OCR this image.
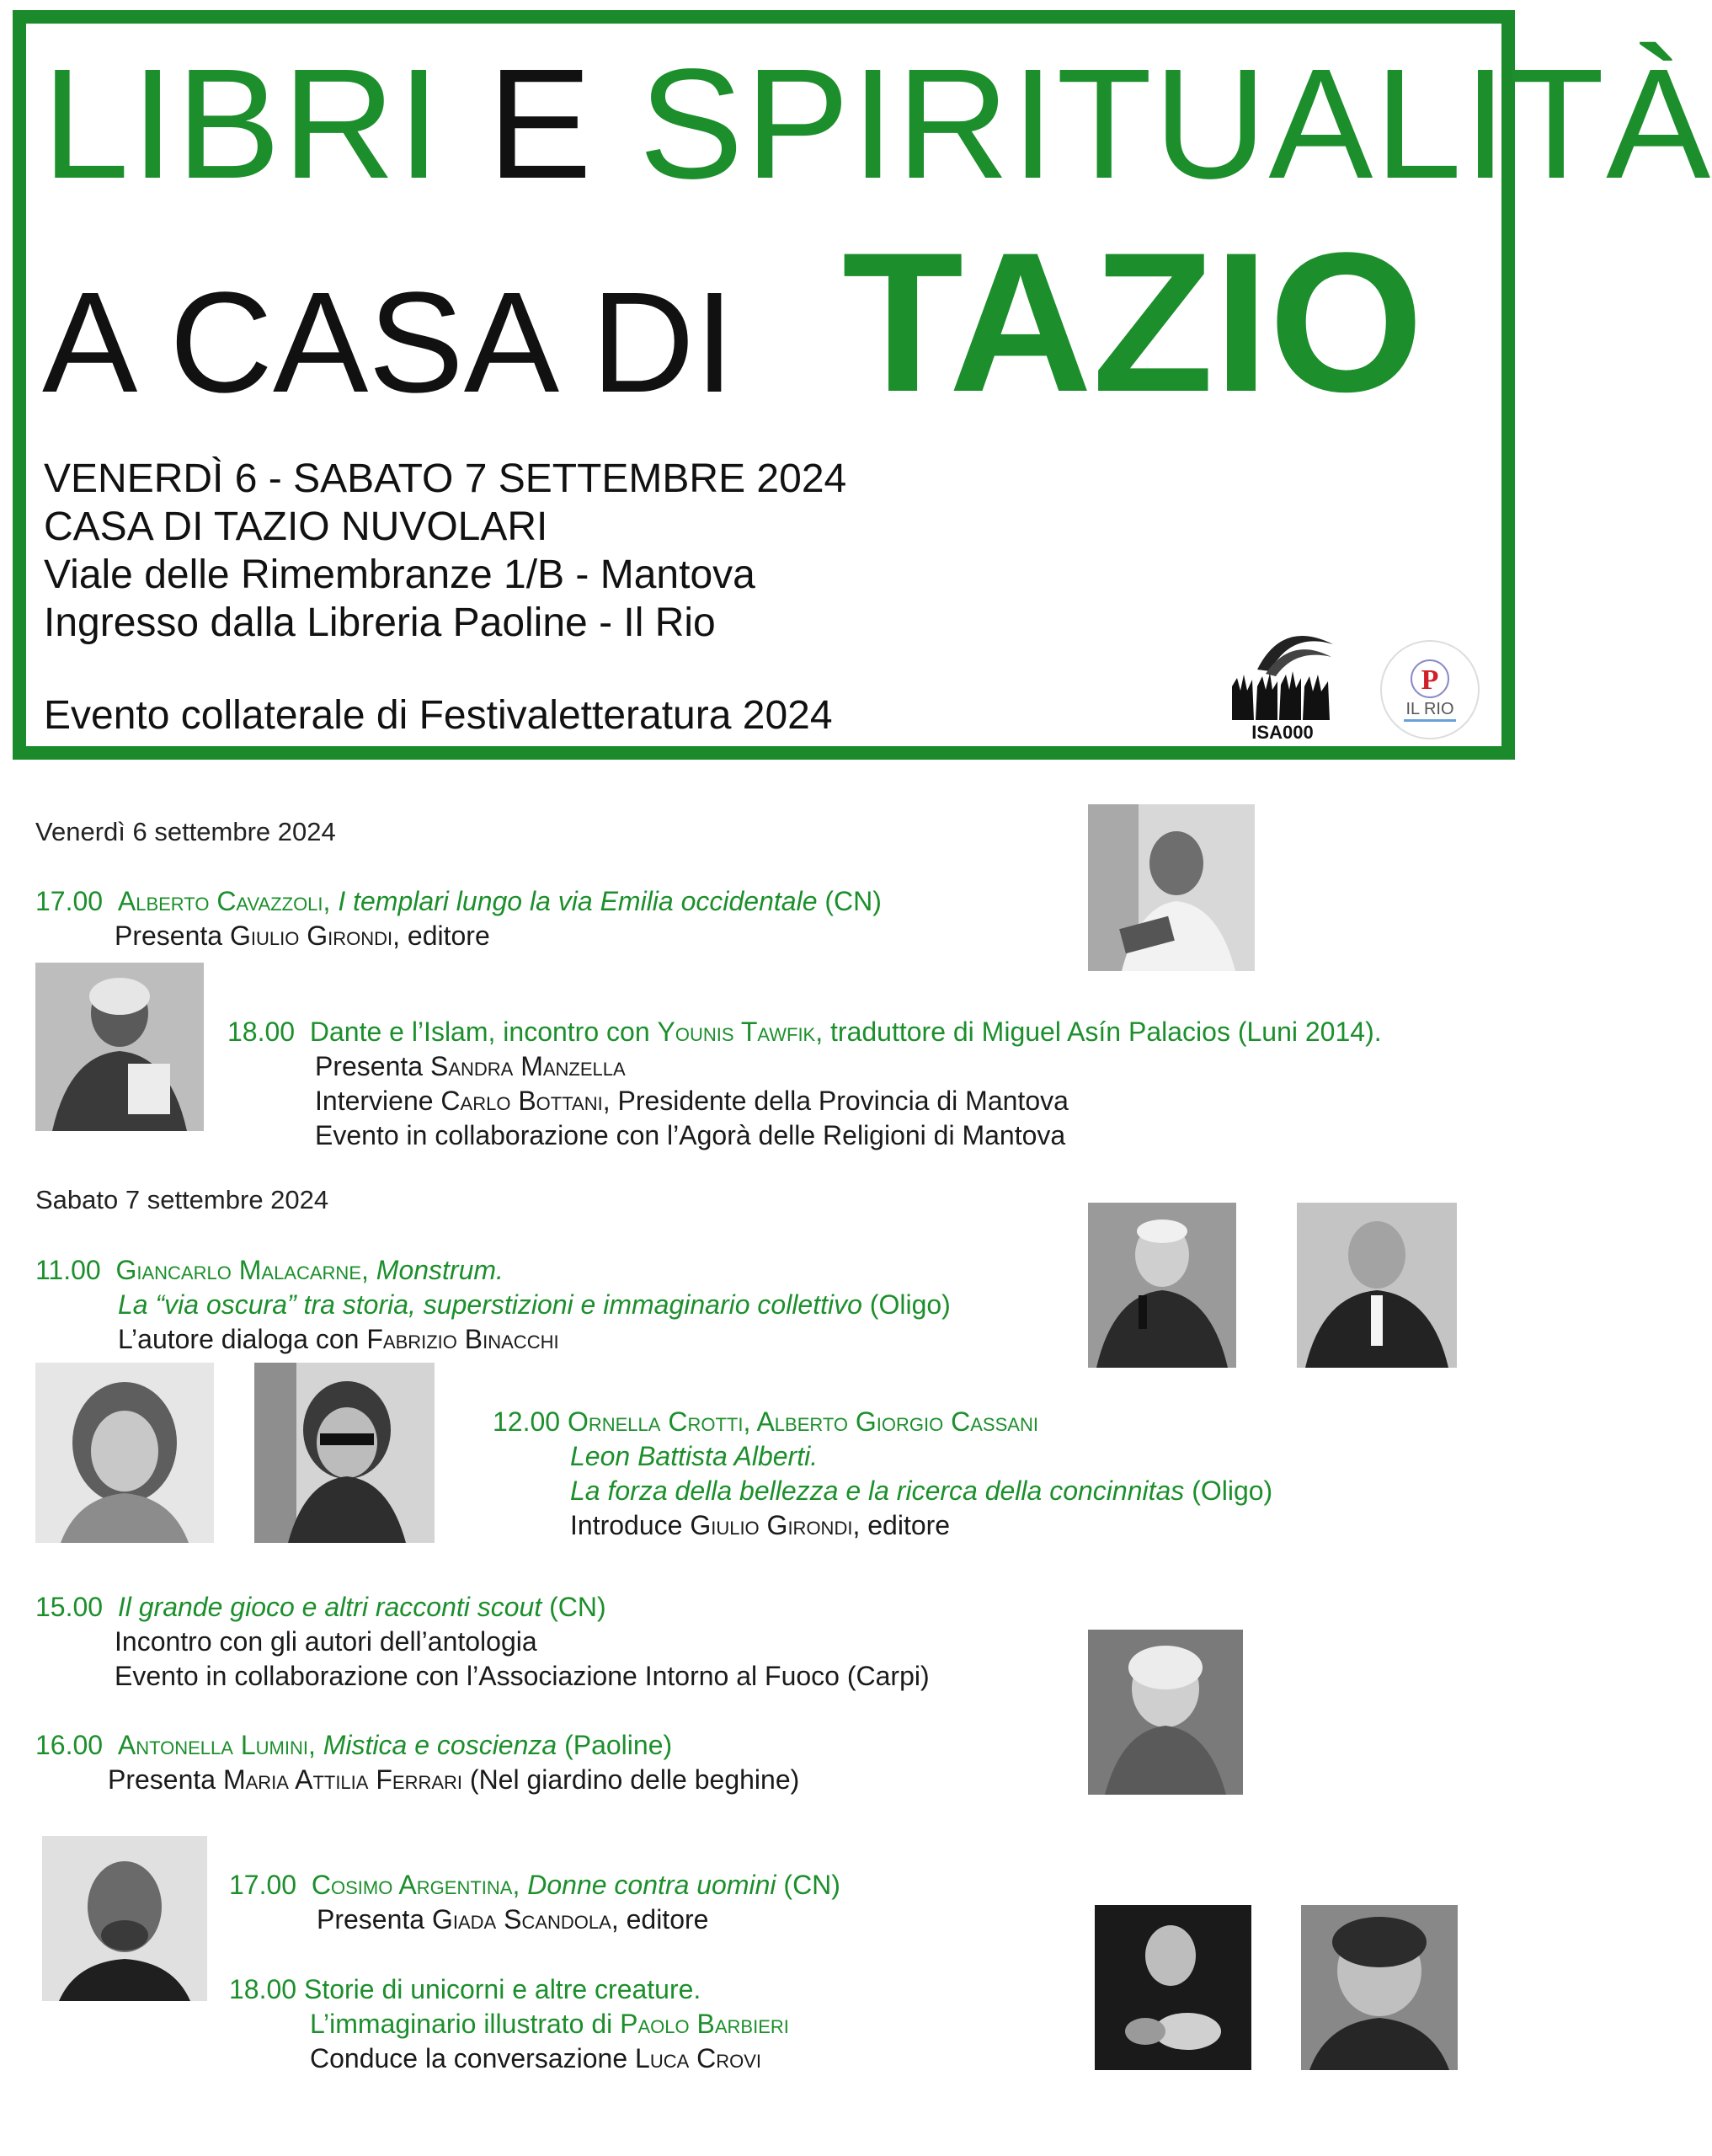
LIBRI E SPIRITUALITÀ
A CASA DI TAZIO
VENERDÌ 6 - SABATO 7 SETTEMBRE 2024
CASA DI TAZIO NUVOLARI
Viale delle Rimembranze 1/B - Mantova
Ingresso dalla Libreria Paoline - Il Rio
Evento collaterale di Festivaletteratura 2024	ISA000
P
IL RIO
Venerdì 6 settembre 2024
17.00 Alberto Cavazzoli, I templari lungo la via Emilia occidentale (CN)
Presenta Giulio Girondi, editore
18.00 Dante e l’Islam, incontro con Younis Tawfik, traduttore di Miguel Asín Palacios (Luni 2014).
Presenta Sandra Manzella
Interviene Carlo Bottani, Presidente della Provincia di Mantova
Evento in collaborazione con l’Agorà delle Religioni di Mantova
Sabato 7 settembre 2024
11.00 Giancarlo Malacarne, Monstrum.
La “via oscura” tra storia, superstizioni e immaginario collettivo (Oligo)
L’autore dialoga con Fabrizio Binacchi
12.00 Ornella Crotti, Alberto Giorgio Cassani
Leon Battista Alberti.
La forza della bellezza e la ricerca della concinnitas (Oligo)
Introduce Giulio Girondi, editore
15.00 Il grande gioco e altri racconti scout (CN)
Incontro con gli autori dell’antologia
Evento in collaborazione con l’Associazione Intorno al Fuoco (Carpi)
16.00 Antonella Lumini, Mistica e coscienza (Paoline)
Presenta Maria Attilia Ferrari (Nel giardino delle beghine)
17.00 Cosimo Argentina, Donne contra uomini (CN)
Presenta Giada Scandola, editore
18.00 Storie di unicorni e altre creature.
L’immaginario illustrato di Paolo Barbieri
Conduce la conversazione Luca Crovi
